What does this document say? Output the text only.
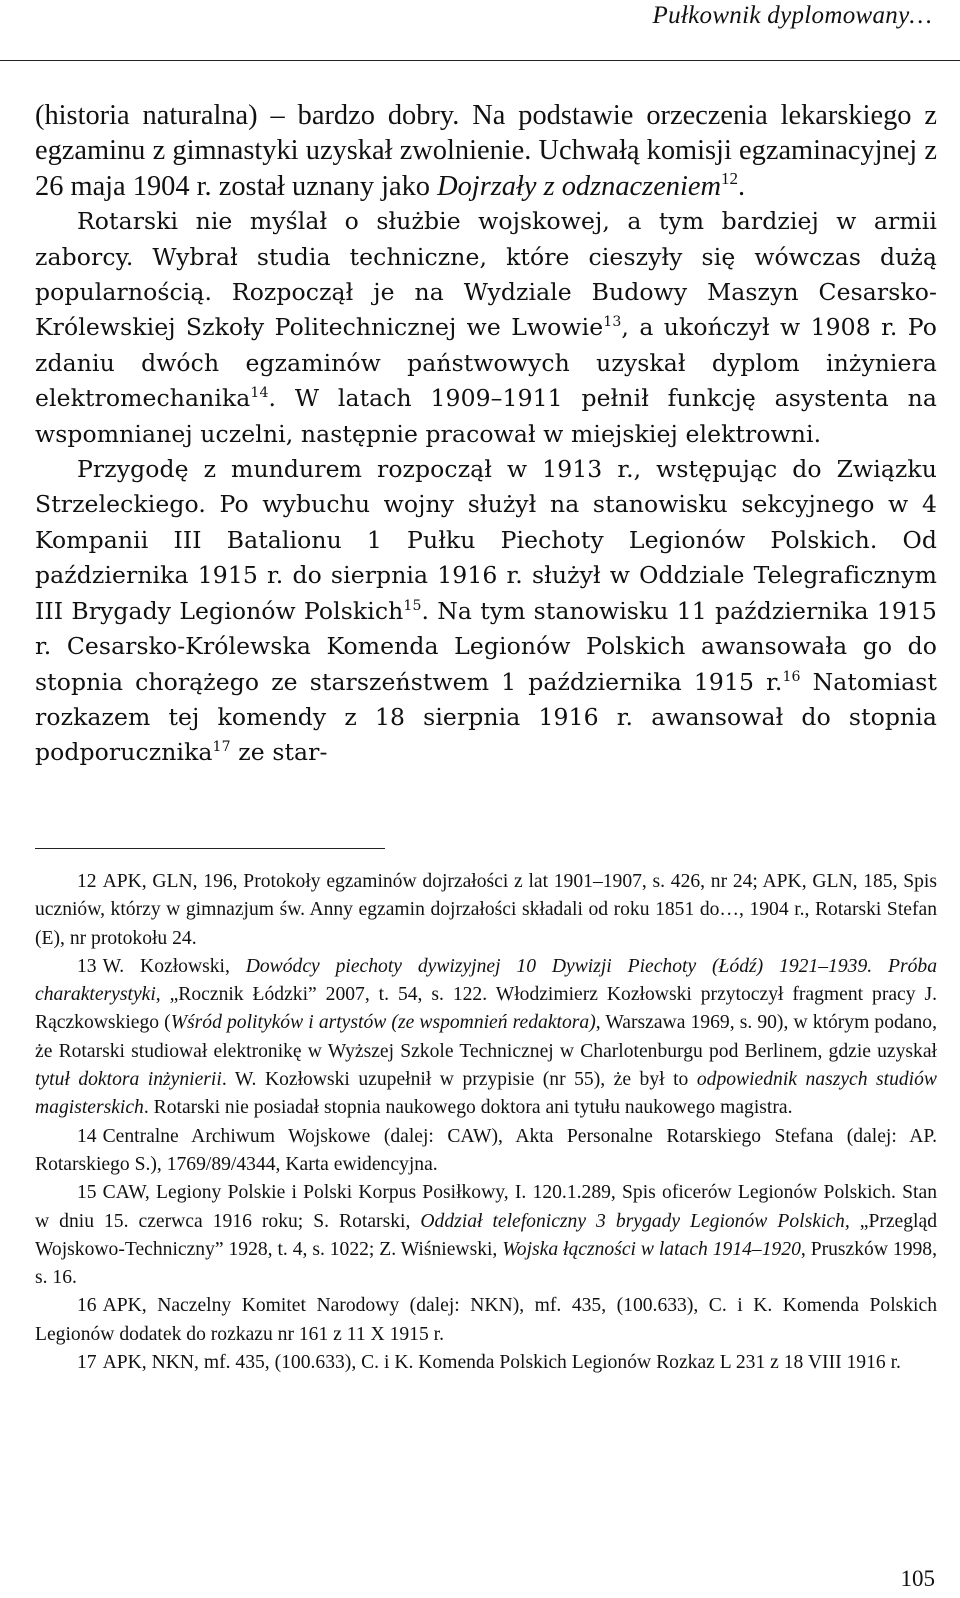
Pułkownik dyplomowany…

(historia naturalna) – bardzo dobry. Na podstawie orzeczenia lekarskiego z egzaminu z gimnastyki uzyskał zwolnienie. Uchwałą komisji egzaminacyjnej z 26 maja 1904 r. został uznany jako Dojrzały z odznaczeniem$^{12}$.

Rotarski nie myślał o służbie wojskowej, a tym bardziej w armii zaborcy. Wybrał studia techniczne, które cieszyły się wówczas dużą popularnością. Rozpoczął je na Wydziale Budowy Maszyn Cesarsko-Królewskiej Szkoły Politechnicznej we Lwowie$^{13}$, a ukończył w 1908 r. Po zdaniu dwóch egzaminów państwowych uzyskał dyplom inżyniera elektromechanika$^{14}$. W latach 1909–1911 pełnił funkcję asystenta na wspomnianej uczelni, następnie pracował w miejskiej elektrowni.

Przygodę z mundurem rozpoczął w 1913 r., wstępując do Związku Strzeleckiego. Po wybuchu wojny służył na stanowisku sekcyjnego w 4 Kompanii III Batalionu 1 Pułku Piechoty Legionów Polskich. Od października 1915 r. do sierpnia 1916 r. służył w Oddziale Telegraficznym III Brygady Legionów Polskich$^{15}$. Na tym stanowisku 11 października 1915 r. Cesarsko-Królewska Komenda Legionów Polskich awansowała go do stopnia chorążego ze starszeństwem 1 października 1915 r.$^{16}$ Natomiast rozkazem tej komendy z 18 sierpnia 1916 r. awansował do stopnia podporucznika$^{17}$ ze star-

12 APK, GLN, 196, Protokoły egzaminów dojrzałości z lat 1901–1907, s. 426, nr 24; APK, GLN, 185, Spis uczniów, którzy w gimnazjum św. Anny egzamin dojrzałości składali od roku 1851 do…, 1904 r., Rotarski Stefan (E), nr protokołu 24.

13 W. Kozłowski, Dowódcy piechoty dywizyjnej 10 Dywizji Piechoty (Łódź) 1921–1939. Próba charakterystyki, „Rocznik Łódzki” 2007, t. 54, s. 122. Włodzimierz Kozłowski przytoczył fragment pracy J. Rączkowskiego (Wśród polityków i artystów (ze wspomnień redaktora), Warszawa 1969, s. 90), w którym podano, że Rotarski studiował elektronikę w Wyższej Szkole Technicznej w Charlotenburgu pod Berlinem, gdzie uzyskał tytuł doktora inżynierii. W. Kozłowski uzupełnił w przypisie (nr 55), że był to odpowiednik naszych studiów magisterskich. Rotarski nie posiadał stopnia naukowego doktora ani tytułu naukowego magistra.

14 Centralne Archiwum Wojskowe (dalej: CAW), Akta Personalne Rotarskiego Stefana (dalej: AP. Rotarskiego S.), 1769/89/4344, Karta ewidencyjna.

15 CAW, Legiony Polskie i Polski Korpus Posiłkowy, I. 120.1.289, Spis oficerów Legionów Polskich. Stan w dniu 15. czerwca 1916 roku; S. Rotarski, Oddział telefoniczny 3 brygady Legionów Polskich, „Przegląd Wojskowo-Techniczny” 1928, t. 4, s. 1022; Z. Wiśniewski, Wojska łączności w latach 1914–1920, Pruszków 1998, s. 16.

16 APK, Naczelny Komitet Narodowy (dalej: NKN), mf. 435, (100.633), C. i K. Komenda Polskich Legionów dodatek do rozkazu nr 161 z 11 X 1915 r.

17 APK, NKN, mf. 435, (100.633), C. i K. Komenda Polskich Legionów Rozkaz L 231 z 18 VIII 1916 r.

105
